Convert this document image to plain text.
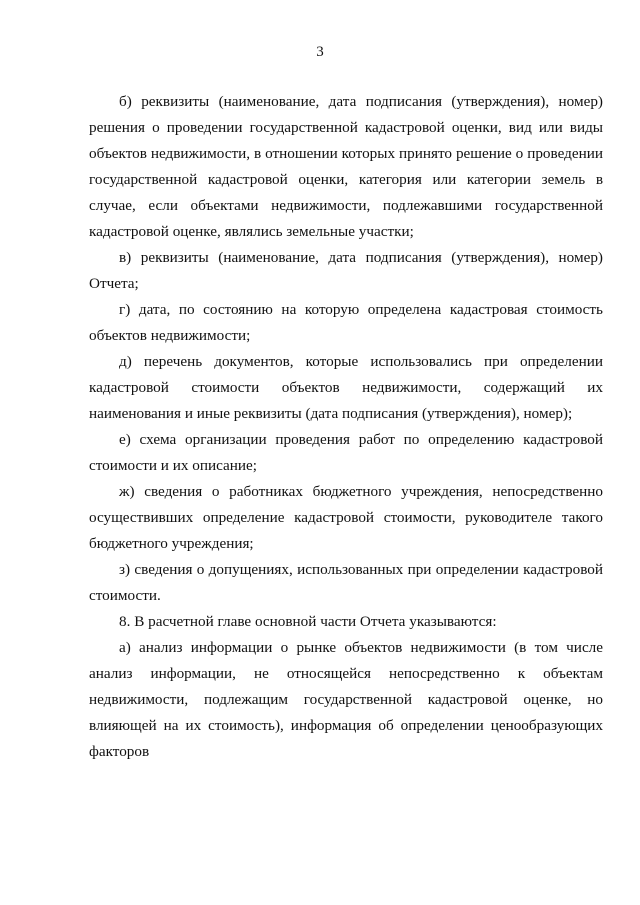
3

б) реквизиты (наименование, дата подписания (утверждения), номер) решения о проведении государственной кадастровой оценки, вид или виды объектов недвижимости, в отношении которых принято решение о проведении государственной кадастровой оценки, категория или категории земель в случае, если объектами недвижимости, подлежавшими государственной кадастровой оценке, являлись земельные участки;

в) реквизиты (наименование, дата подписания (утверждения), номер) Отчета;

г) дата, по состоянию на которую определена кадастровая стоимость объектов недвижимости;

д) перечень документов, которые использовались при определении кадастровой стоимости объектов недвижимости, содержащий их наименования и иные реквизиты (дата подписания (утверждения), номер);

е) схема организации проведения работ по определению кадастровой стоимости и их описание;

ж) сведения о работниках бюджетного учреждения, непосредственно осуществивших определение кадастровой стоимости, руководителе такого бюджетного учреждения;

з) сведения о допущениях, использованных при определении кадастровой стоимости.

8. В расчетной главе основной части Отчета указываются:

а) анализ информации о рынке объектов недвижимости (в том числе анализ информации, не относящейся непосредственно к объектам недвижимости, подлежащим государственной кадастровой оценке, но влияющей на их стоимость), информация об определении ценообразующих факторов
